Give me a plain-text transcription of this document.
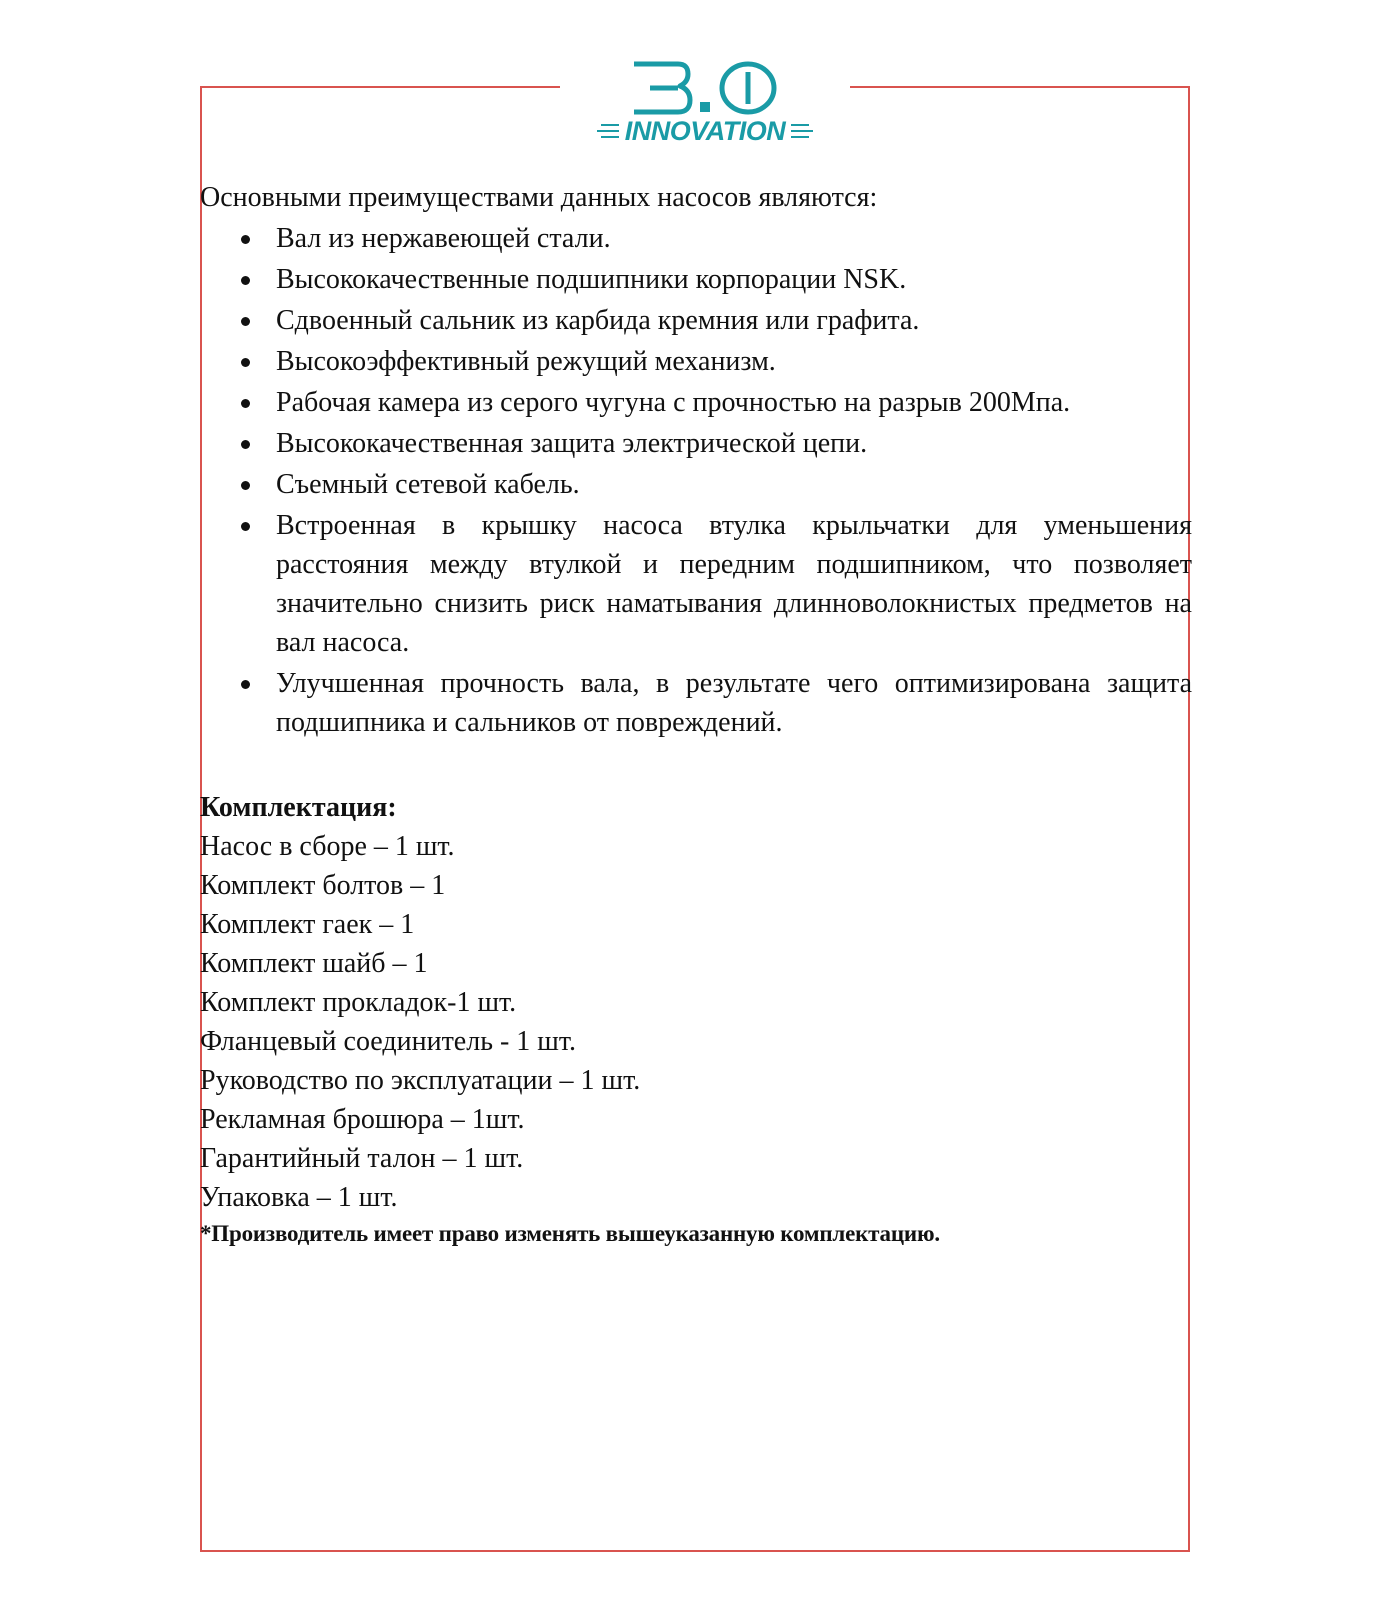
INNOVATION

Основными преимуществами данных насосов являются:

Вал из нержавеющей стали.
Высококачественные подшипники корпорации NSK.
Сдвоенный сальник из карбида кремния или графита.
Высокоэффективный режущий механизм.
Рабочая камера из серого чугуна с прочностью на разрыв 200Мпа.
Высококачественная защита электрической цепи.
Съемный сетевой кабель.
Встроенная в крышку насоса втулка крыльчатки для уменьшения расстояния между втулкой и передним подшипником, что позволяет значительно снизить риск наматывания длинноволокнистых предметов на вал насоса.
Улучшенная прочность вала, в результате чего оптимизирована защита подшипника и сальников от повреждений.

Комплектация:

Насос в сборе – 1 шт.
Комплект болтов – 1
Комплект гаек – 1
Комплект шайб – 1
Комплект прокладок-1 шт.
Фланцевый соединитель - 1 шт.
Руководство по эксплуатации – 1 шт.
Рекламная брошюра – 1шт.
Гарантийный талон – 1 шт.
Упаковка – 1 шт.

*Производитель имеет право изменять вышеуказанную комплектацию.
